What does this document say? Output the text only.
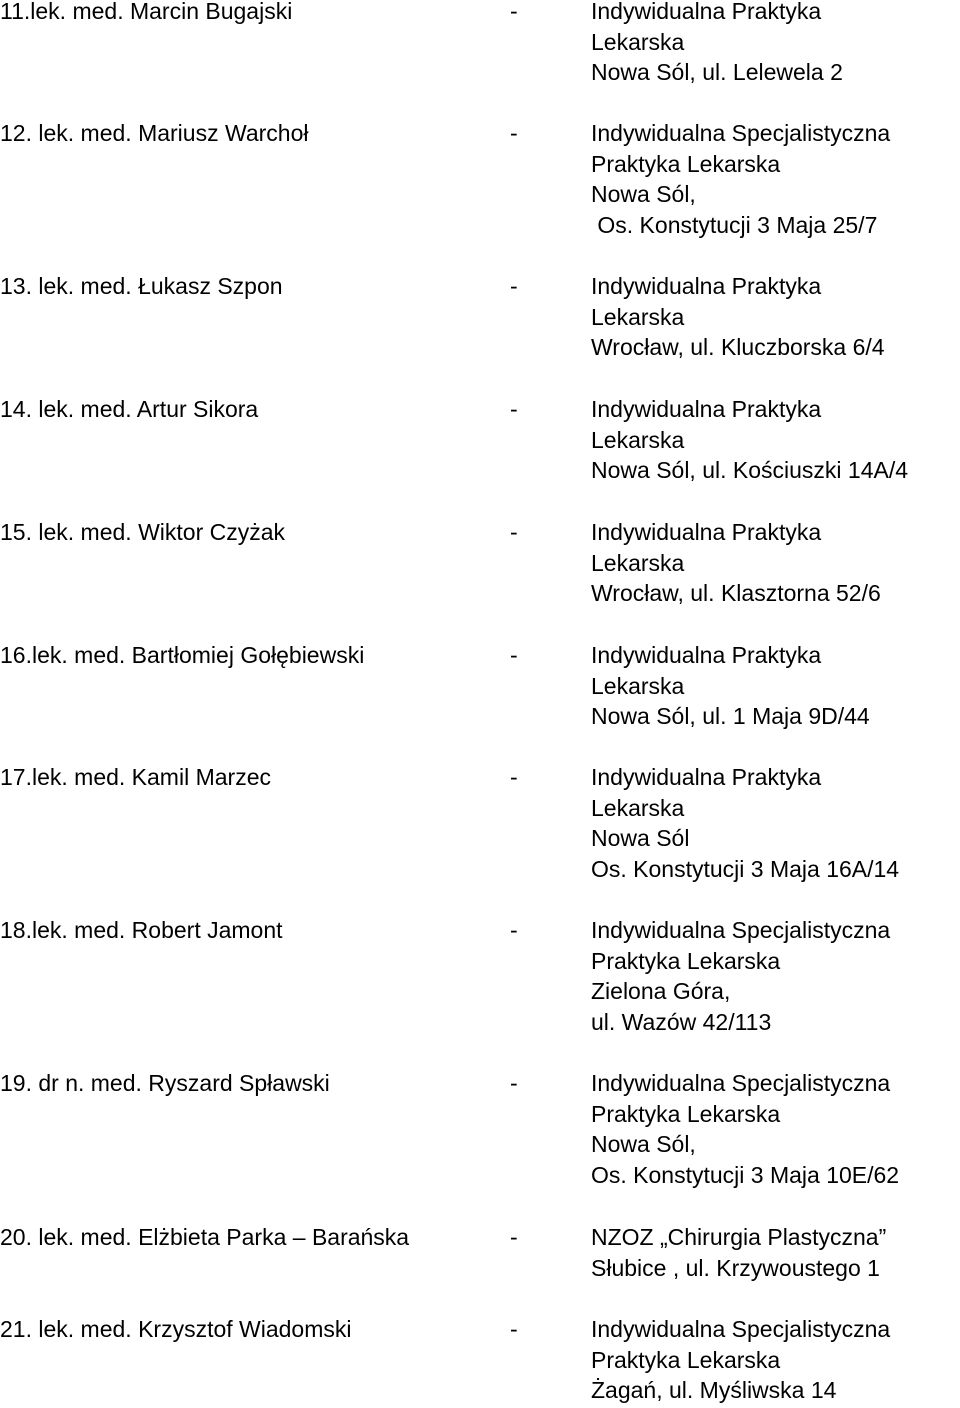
11.lek. med. Marcin Bugajski	-	Indywidualna Praktyka
Lekarska
Nowa Sól, ul. Lelewela 2
12. lek. med. Mariusz Warchoł	-	Indywidualna Specjalistyczna
Praktyka Lekarska
Nowa Sól,
Os. Konstytucji 3 Maja 25/7
13. lek. med. Łukasz Szpon	-	Indywidualna Praktyka
Lekarska
Wrocław, ul. Kluczborska 6/4
14. lek. med. Artur Sikora	-	Indywidualna Praktyka
Lekarska
Nowa Sól, ul. Kościuszki 14A/4
15. lek. med. Wiktor Czyżak	-	Indywidualna Praktyka
Lekarska
Wrocław, ul. Klasztorna 52/6
16.lek. med. Bartłomiej Gołębiewski	-	Indywidualna Praktyka
Lekarska
Nowa Sól, ul. 1 Maja 9D/44
17.lek. med. Kamil Marzec	-	Indywidualna Praktyka
Lekarska
Nowa Sól
Os. Konstytucji 3 Maja 16A/14
18.lek. med. Robert Jamont	-	Indywidualna Specjalistyczna
Praktyka Lekarska
Zielona Góra,
ul. Wazów 42/113
19. dr n. med. Ryszard Spławski	-	Indywidualna Specjalistyczna
Praktyka Lekarska
Nowa Sól,
Os. Konstytucji 3 Maja 10E/62
20. lek. med. Elżbieta Parka – Barańska	-	NZOZ „Chirurgia Plastyczna”
Słubice , ul. Krzywoustego 1
21. lek. med. Krzysztof Wiadomski	-	Indywidualna Specjalistyczna
Praktyka Lekarska
Żagań, ul. Myśliwska 14
